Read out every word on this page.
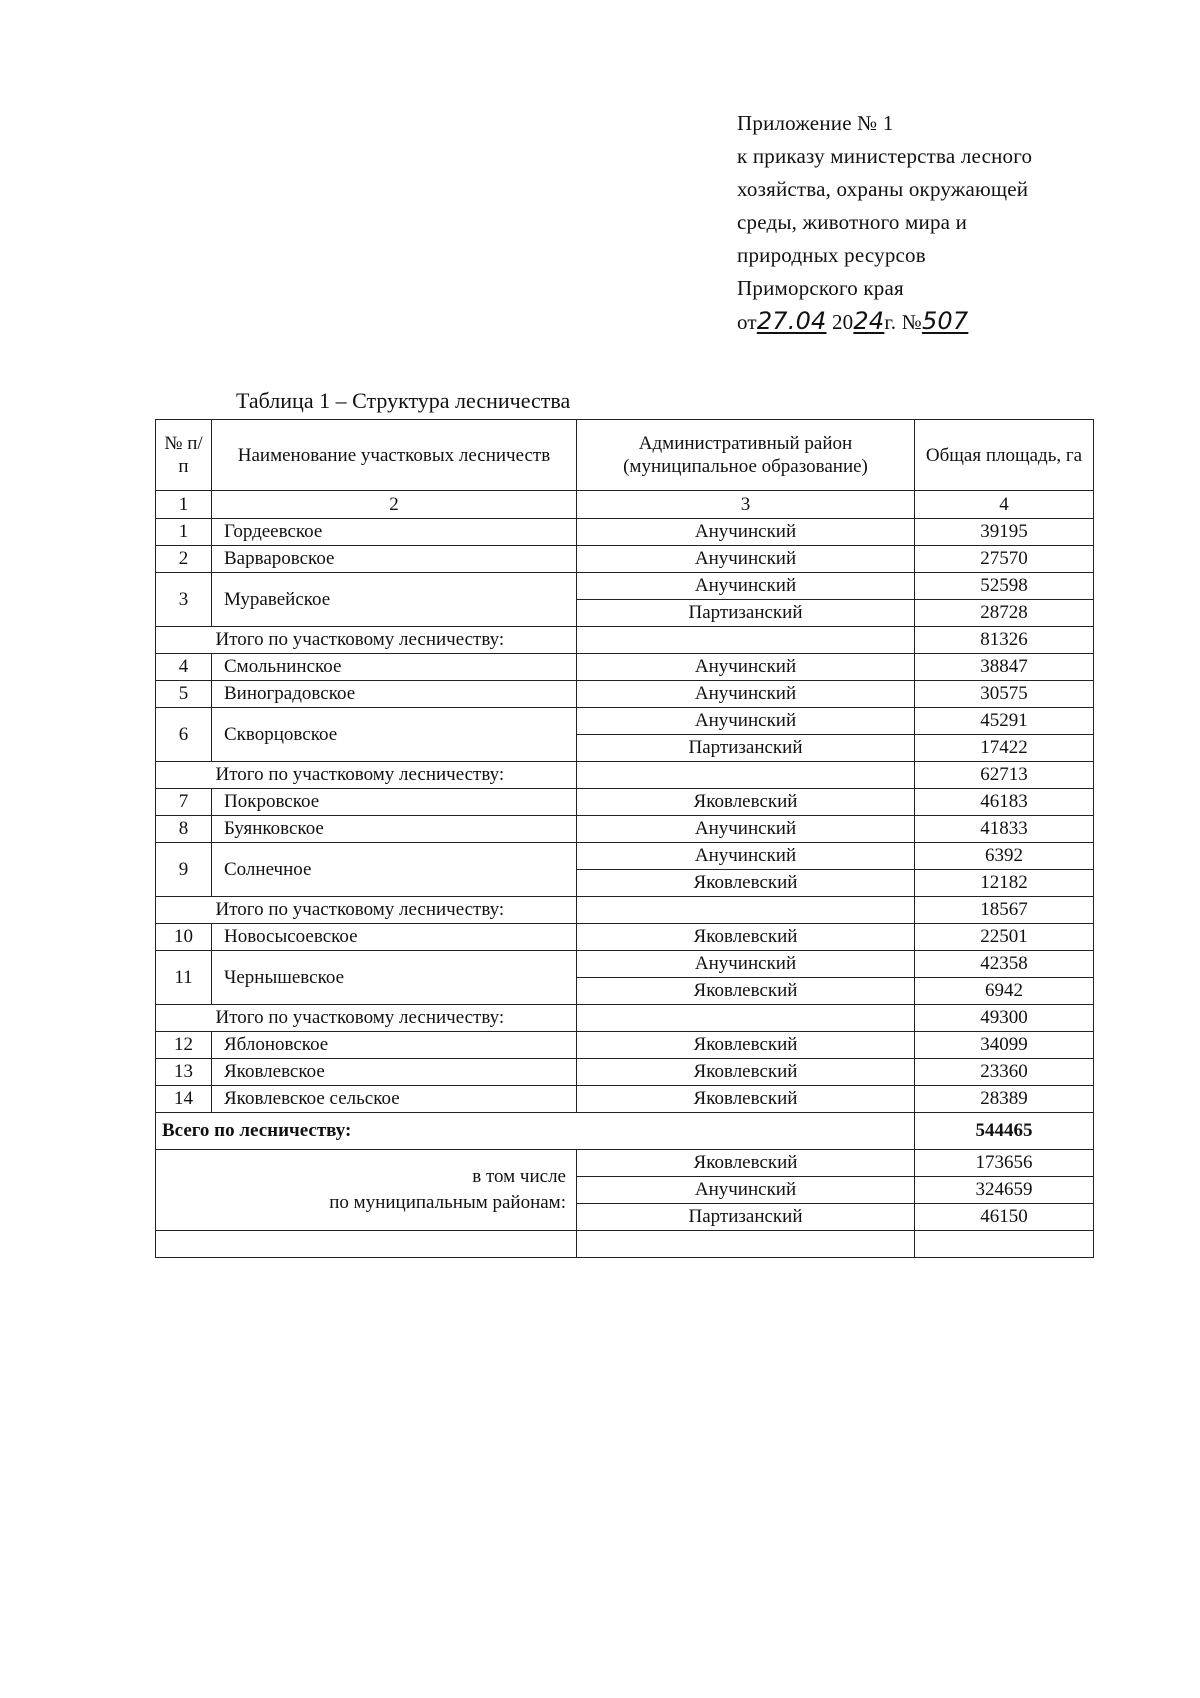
Приложение № 1
к приказу министерства лесного
хозяйства, охраны окружающей
среды, животного мира и
природных ресурсов
Приморского края
от27.04 2024г. №507
Таблица 1 – Структура лесничества
№ п/п	Наименование участковых лесничеств	Административный район (муниципальное образование)	Общая площадь, га
1	2	3	4
1	Гордеевское	Анучинский	39195
2	Варваровское	Анучинский	27570
3	Муравейское	Анучинский	52598
		Партизанский	28728
	Итого по участковому лесничеству:		81326
4	Смольнинское	Анучинский	38847
5	Виноградовское	Анучинский	30575
6	Скворцовское	Анучинский	45291
		Партизанский	17422
	Итого по участковому лесничеству:		62713
7	Покровское	Яковлевский	46183
8	Буянковское	Анучинский	41833
9	Солнечное	Анучинский	6392
		Яковлевский	12182
	Итого по участковому лесничеству:		18567
10	Новосысоевское	Яковлевский	22501
11	Чернышевское	Анучинский	42358
		Яковлевский	6942
	Итого по участковому лесничеству:		49300
12	Яблоновское	Яковлевский	34099
13	Яковлевское	Яковлевский	23360
14	Яковлевское сельское	Яковлевский	28389
Всего по лесничеству:			544465

в том числе
по муниципальным районам:		Яковлевский	173656
		Анучинский	324659
		Партизанский	46150
